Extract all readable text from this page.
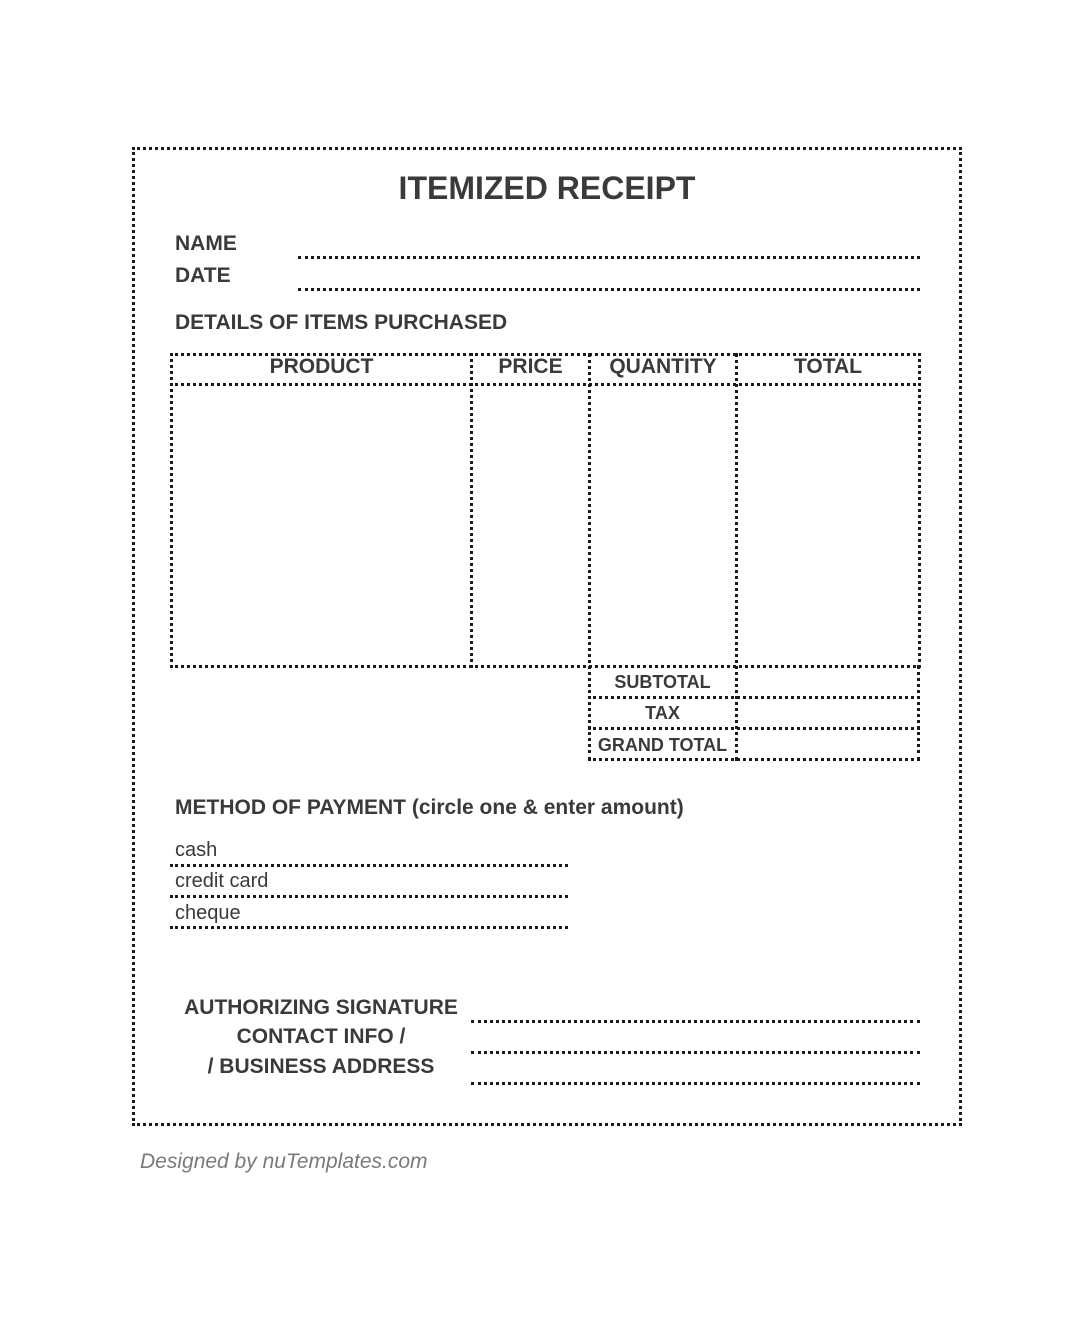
ITEMIZED RECEIPT
NAME
DATE
DETAILS OF ITEMS PURCHASED
PRODUCT	PRICE	QUANTITY	TOTAL
SUBTOTAL
TAX
GRAND TOTAL
METHOD OF PAYMENT (circle one & enter amount)
cash
credit card
cheque
AUTHORIZING SIGNATURE
CONTACT INFO /
/ BUSINESS ADDRESS
Designed by nuTemplates.com
